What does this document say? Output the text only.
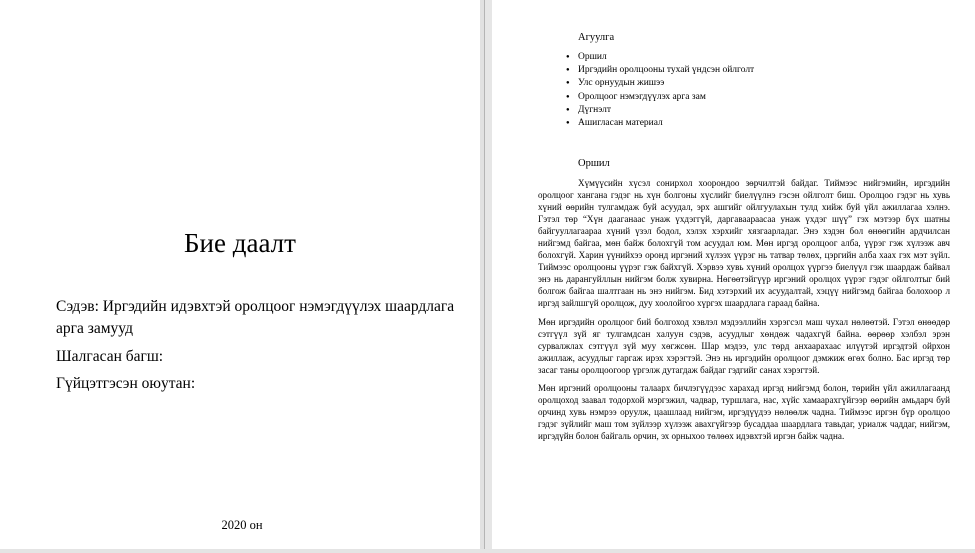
Бие даалт
Сэдэв: Иргэдийн идэвхтэй оролцоог нэмэгдүүлэх шаардлага арга замууд
Шалгасан багш:
Гүйцэтгэсэн оюутан:
2020 он
Агуулга
● Оршил
● Иргэдийн оролцооны тухай үндсэн ойлголт
● Улс орнуудын жишээ
● Оролцоог нэмэгдүүлэх арга зам
● Дүгнэлт
● Ашигласан материал
Оршил

Хүмүүсийн хүсэл сонирхол хоорондоо зөрчилтэй байдаг. Тиймээс нийгэмийн, иргэдийн оролцоог хангана гэдэг нь хүн болгоны хүслийг биелүүлнэ гэсэн ойлголт биш. Оролцоо гэдэг нь хувь хүний өөрийн тулгамдаж буй асуудал, эрх ашгийг ойлгуулахын тулд хийж буй үйл ажиллагаа хэлнэ. Гэтэл төр “Хүн дааганаас унаж үхдэггүй, даргаваараасаа унаж үхдэг шүү” гэх мэтээр бүх шатны байгууллагаараа хүний үзэл бодол, хэлэх хэрхийг хязгаарладаг. Энэ хэдэн бол өнөөгийн ардчилсан нийгэмд байгаа, мөн байж болохгүй том асуудал юм. Мөн иргэд оролцоог алба, үүрэг гэж хүлээж авч болохгүй. Харин үүнийхээ оронд иргэний хүлээх үүрэг нь татвар төлөх, цэргийн алба хаах гэх мэт зүйл. Тиймээс оролцооны үүрэг гэж байхгүй. Хэрвээ хувь хүний оролцох үүргээ биелүүл гэж шаардаж байвал энэ нь дарангуйллын нийгэм болж хувирна. Нөгөөтэйгүүр иргэний оролцох үүрэг гэдэг ойлголтыг бий болгож байгаа шалтгаан нь энэ нийгэм. Бид хэтэрхий их асуудалтай, хэцүү нийгэмд байгаа болохоор л иргэд зайлшгүй оролцож, дуу хоолойгоо хүргэх шаардлага гараад байна.

Мөн иргэдийн оролцоог бий болгоход хэвлэл мэдээллийн хэрэгсэл маш чухал нөлөөтэй. Гэтэл өнөөдөр сэтгүүл зүй яг тулгамдсан халуун сэдэв, асуудлыг хөндөж чадахгүй байна. өөрөөр хэлбэл эрэн сурвалжлах сэтгүүл зүй муу хөгжсөн. Шар мэдээ, улс төрд анхаарахаас илүүтэй иргэдтэй ойрхон ажиллаж, асуудлыг гаргаж ирэх хэрэгтэй. Энэ нь иргэдийн оролцоог дэмжиж өгөх болно. Бас иргэд төр засаг таны оролцоогоор үргэлж дутагдаж байдаг гэдгийг санах хэрэгтэй.

Мөн иргэний оролцооны талаарх бичлэгүүдээс харахад иргэд нийгэмд болон, төрийн үйл ажиллагаанд оролцоход заавал тодорхой мэргэжил, чадвар, туршлага, нас, хүйс хамаарахгүйгээр өөрийн амьдарч буй орчинд хувь нэмрээ оруулж, цаашлаад нийгэм, иргэдүүдээ нөлөөлж чадна. Тиймээс иргэн бүр оролцоо гэдэг зүйлийг маш том зүйлээр хүлээж авахгүйгээр бусаддаа шаардлага тавьдаг, уриалж чаддаг, нийгэм, иргэдүйн болон байгаль орчин, эх орныхоо төлөөх идэвхтэй иргэн байж чадна.
